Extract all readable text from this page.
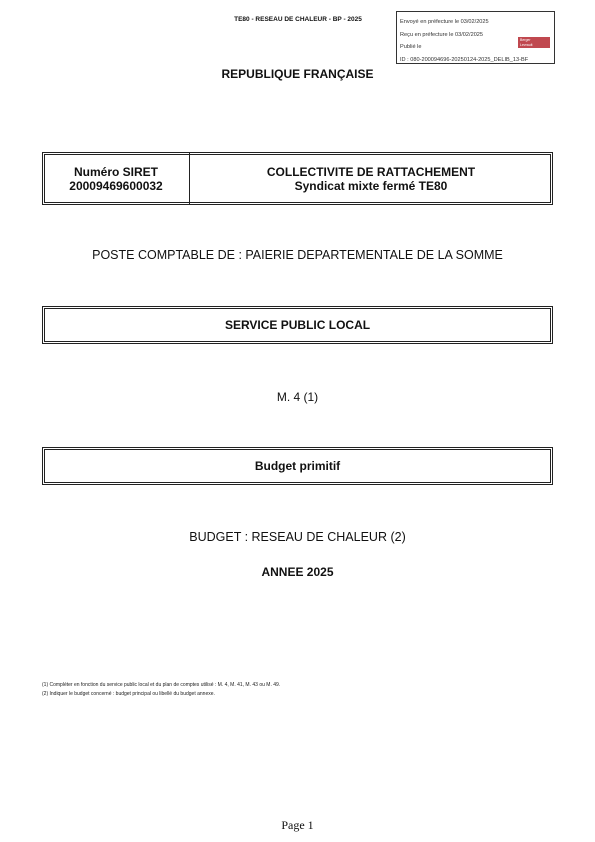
TE80 - RESEAU DE CHALEUR - BP - 2025	Envoyé en préfecture le 03/02/2025
Reçu en préfecture le 03/02/2025
Publié le
ID : 080-200094696-20250124-2025_DELIB_13-BF
Berger
Levrault
REPUBLIQUE FRANÇAISE
Numéro SIRET
20009469600032
COLLECTIVITE DE RATTACHEMENT
Syndicat mixte fermé TE80
POSTE COMPTABLE DE : PAIERIE DEPARTEMENTALE DE LA SOMME
SERVICE PUBLIC LOCAL
M. 4 (1)
Budget primitif
BUDGET : RESEAU DE CHALEUR (2)
ANNEE 2025
(1) Compléter en fonction du service public local et du plan de comptes utilisé : M. 4, M. 41, M. 43 ou M. 49.
(2) Indiquer le budget concerné : budget principal ou libellé du budget annexe.
Page 1
